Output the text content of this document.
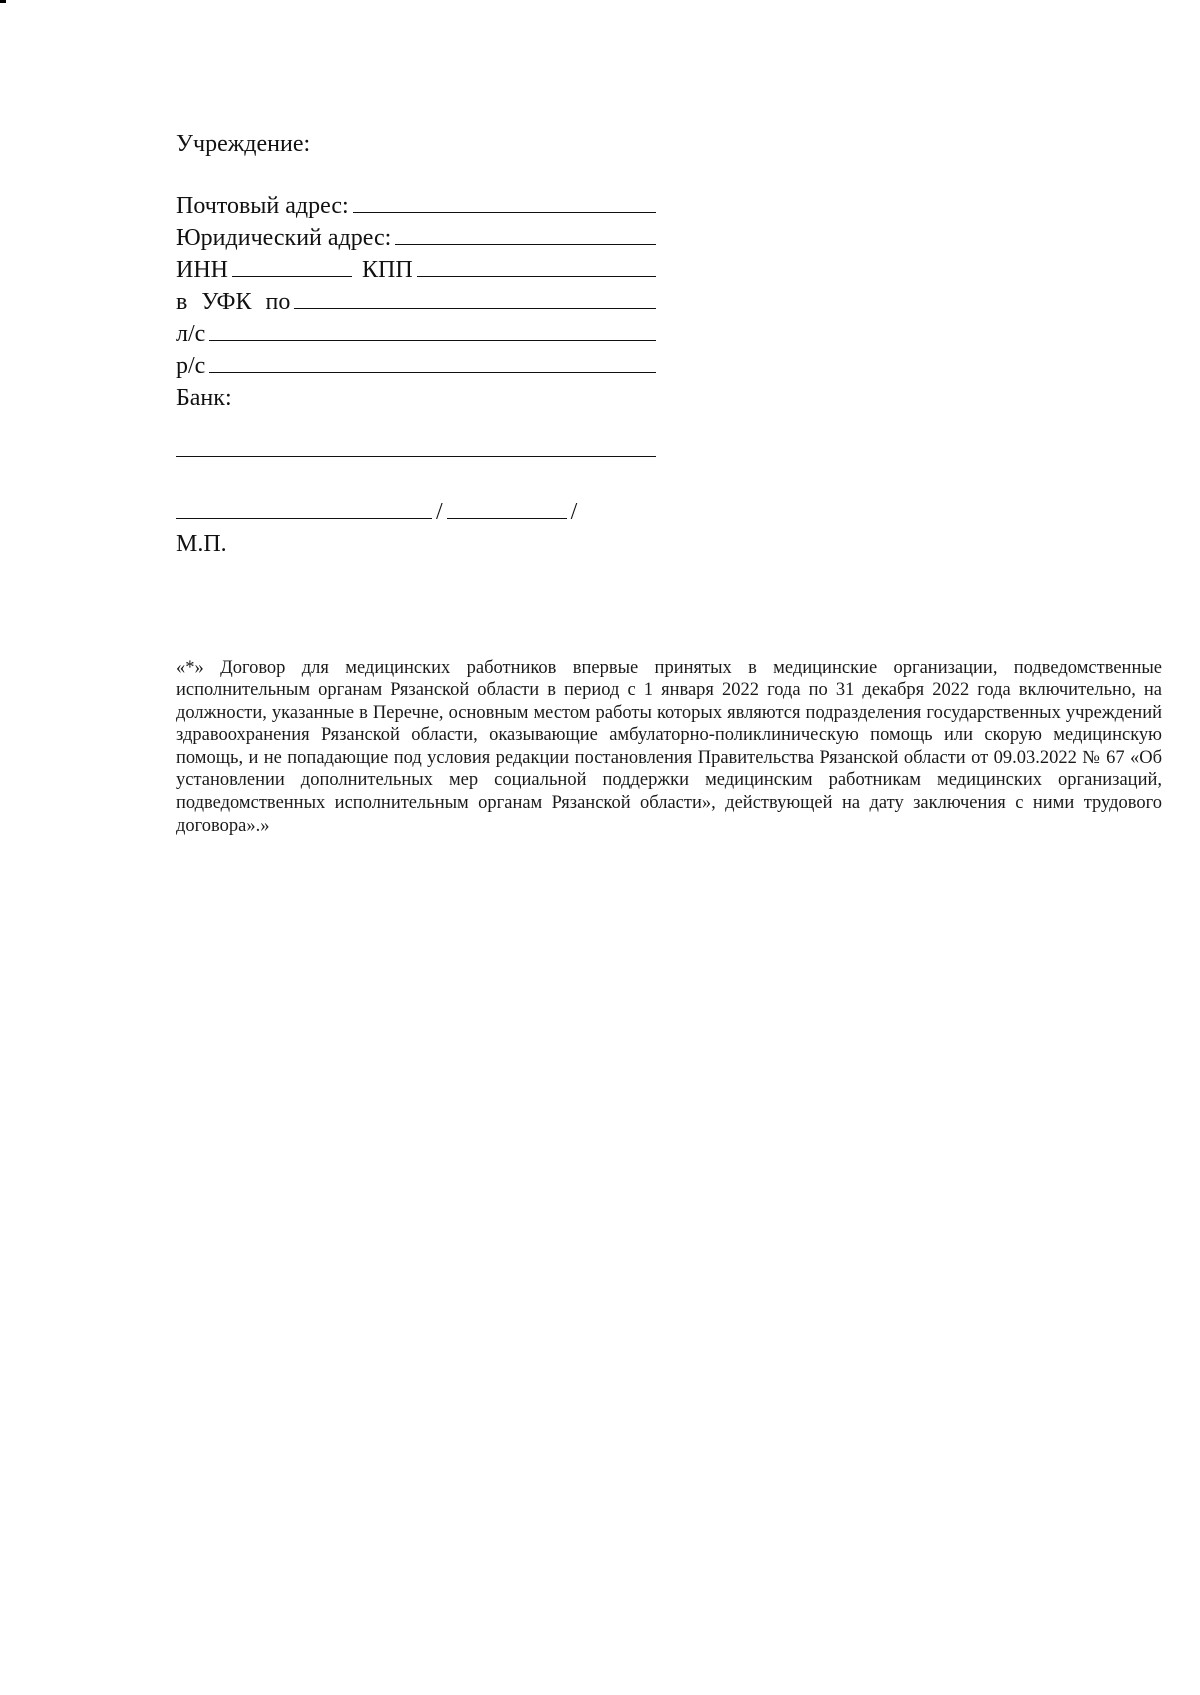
Учреждение:
Почтовый адрес:
Юридический адрес:
ИНН	КПП
в УФК по
л/с
р/с
Банк:
/	/
М.П.

«*» Договор для медицинских работников впервые принятых в медицинские организации, подведомственные исполнительным органам Рязанской области в период с 1 января 2022 года по 31 декабря 2022 года включительно, на должности, указанные в Перечне, основным местом работы которых являются подразделения государственных учреждений здравоохранения Рязанской области, оказывающие амбулаторно-поликлиническую помощь или скорую медицинскую помощь, и не попадающие под условия редакции постановления Правительства Рязанской области от 09.03.2022 № 67 «Об установлении дополнительных мер социальной поддержки медицинским работникам медицинских организаций, подведомственных исполнительным органам Рязанской области», действующей на дату заключения с ними трудового договора».»
